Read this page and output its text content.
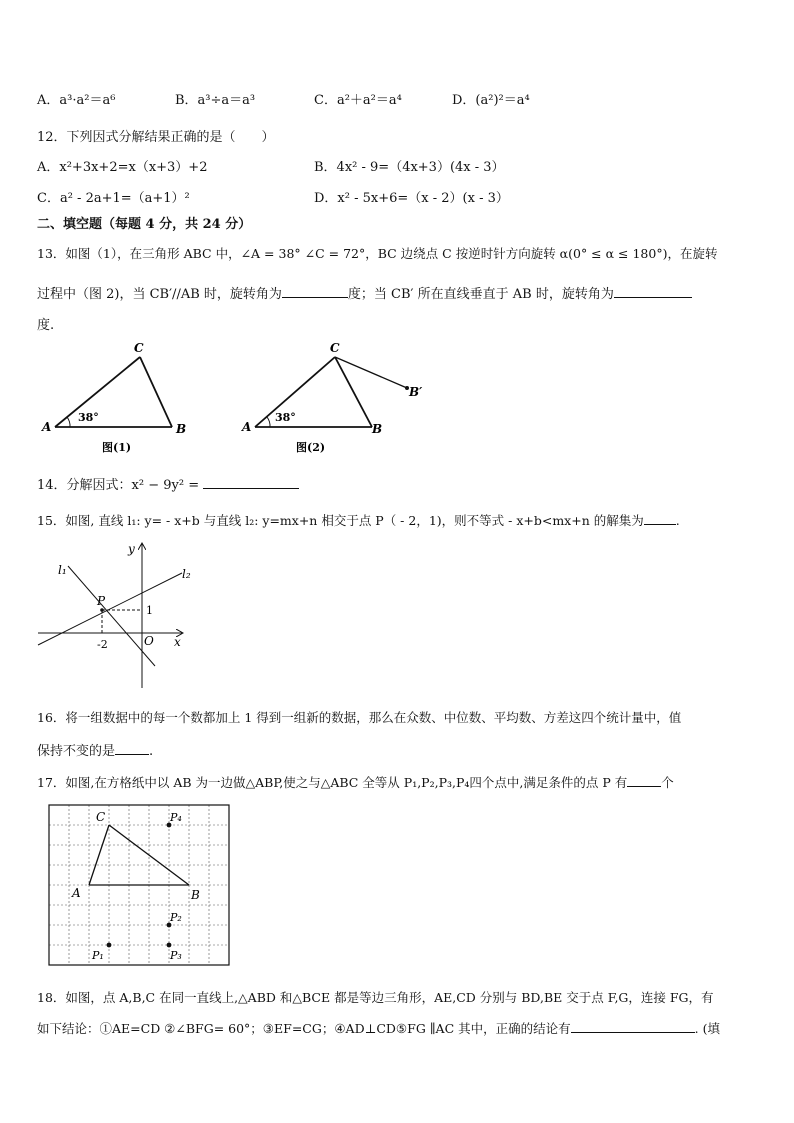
A．a³·a²＝a⁶	B．a³÷a＝a³	C．a²＋a²＝a⁴	D．(a²)²＝a⁴
12．下列因式分解结果正确的是（　　）
A．x²+3x+2=x（x+3）+2	B．4x² - 9=（4x+3）(4x - 3）
C．a² - 2a+1=（a+1）²	D．x² - 5x+6=（x - 2）(x - 3）
二、填空题（每题 4 分，共 24 分）
13．如图（1），在三角形 ABC 中，∠A = 38° ∠C = 72°，BC 边绕点 C 按逆时针方向旋转 α(0° ≤ α ≤ 180°)，在旋转
过程中（图 2)，当 CB′//AB 时，旋转角为	度；当 CB′ 所在直线垂直于 AB 时，旋转角为
度.
C
A	B
38°
图(1)
C
A	B
B′
38°
图(2)
14．分解因式：x² − 9y² =
15．如图, 直线 l₁: y= - x+b 与直线 l₂: y=mx+n 相交于点 P（ - 2，1)，则不等式 - x+b<mx+n 的解集为	.
y
x
O
P
l₁	l₂
-2
1
16．将一组数据中的每一个数都加上 1 得到一组新的数据，那么在众数、中位数、平均数、方差这四个统计量中，值
保持不变的是	.
17．如图,在方格纸中以 AB 为一边做△ABP,使之与△ABC 全等从 P₁,P₂,P₃,P₄四个点中,满足条件的点 P 有	个
C
A	B
P₄
P₂
P₃
P₁
18．如图，点 A,B,C 在同一直线上,△ABD 和△BCE 都是等边三角形，AE,CD 分别与 BD,BE 交于点 F,G，连接 FG，有
如下结论：①AE=CD ②∠BFG= 60°；③EF=CG；④AD⊥CD⑤FG ∥AC 其中，正确的结论有	. (填
